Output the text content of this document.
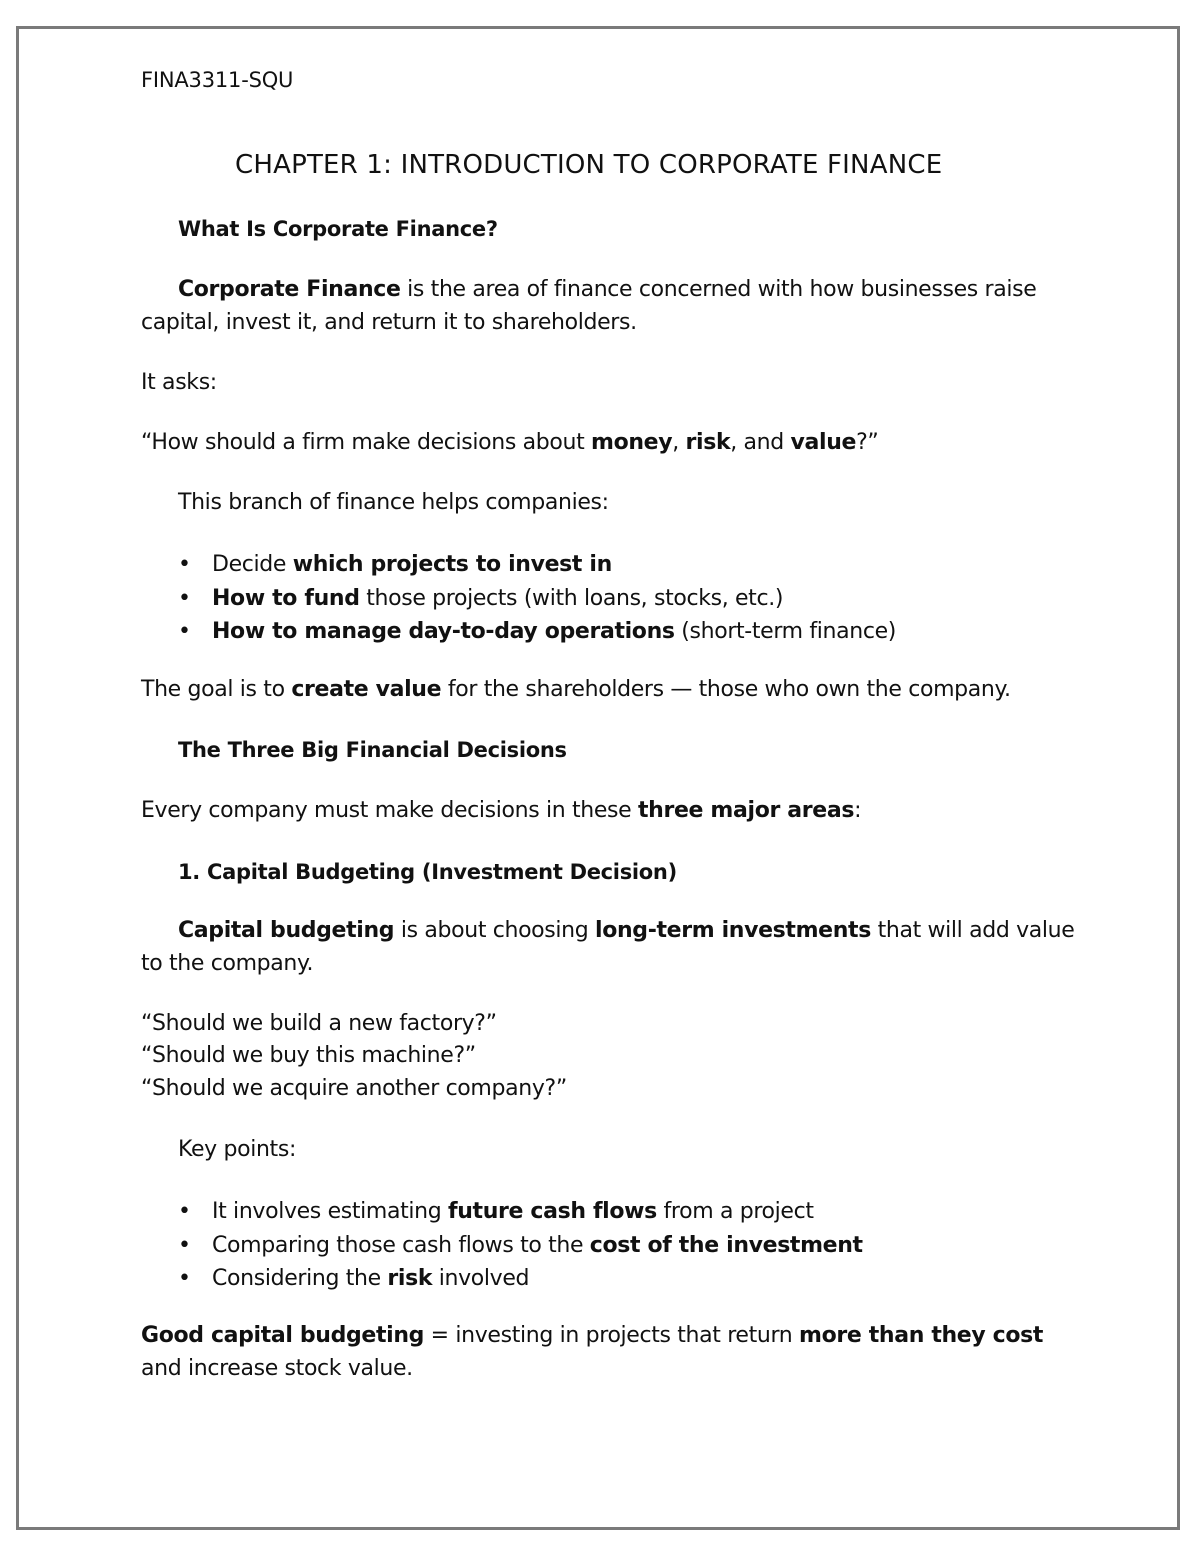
FINA3311-SQU
CHAPTER 1: INTRODUCTION TO CORPORATE FINANCE
What Is Corporate Finance?
Corporate Finance is the area of finance concerned with how businesses raise
capital, invest it, and return it to shareholders.
It asks:
“How should a firm make decisions about money, risk, and value?”
This branch of finance helps companies:
• Decide which projects to invest in
• How to fund those projects (with loans, stocks, etc.)
• How to manage day-to-day operations (short-term finance)
The goal is to create value for the shareholders — those who own the company.
The Three Big Financial Decisions
Every company must make decisions in these three major areas:
1. Capital Budgeting (Investment Decision)
Capital budgeting is about choosing long-term investments that will add value
to the company.
“Should we build a new factory?”
“Should we buy this machine?”
“Should we acquire another company?”
Key points:
• It involves estimating future cash flows from a project
• Comparing those cash flows to the cost of the investment
• Considering the risk involved
Good capital budgeting = investing in projects that return more than they cost
and increase stock value.
